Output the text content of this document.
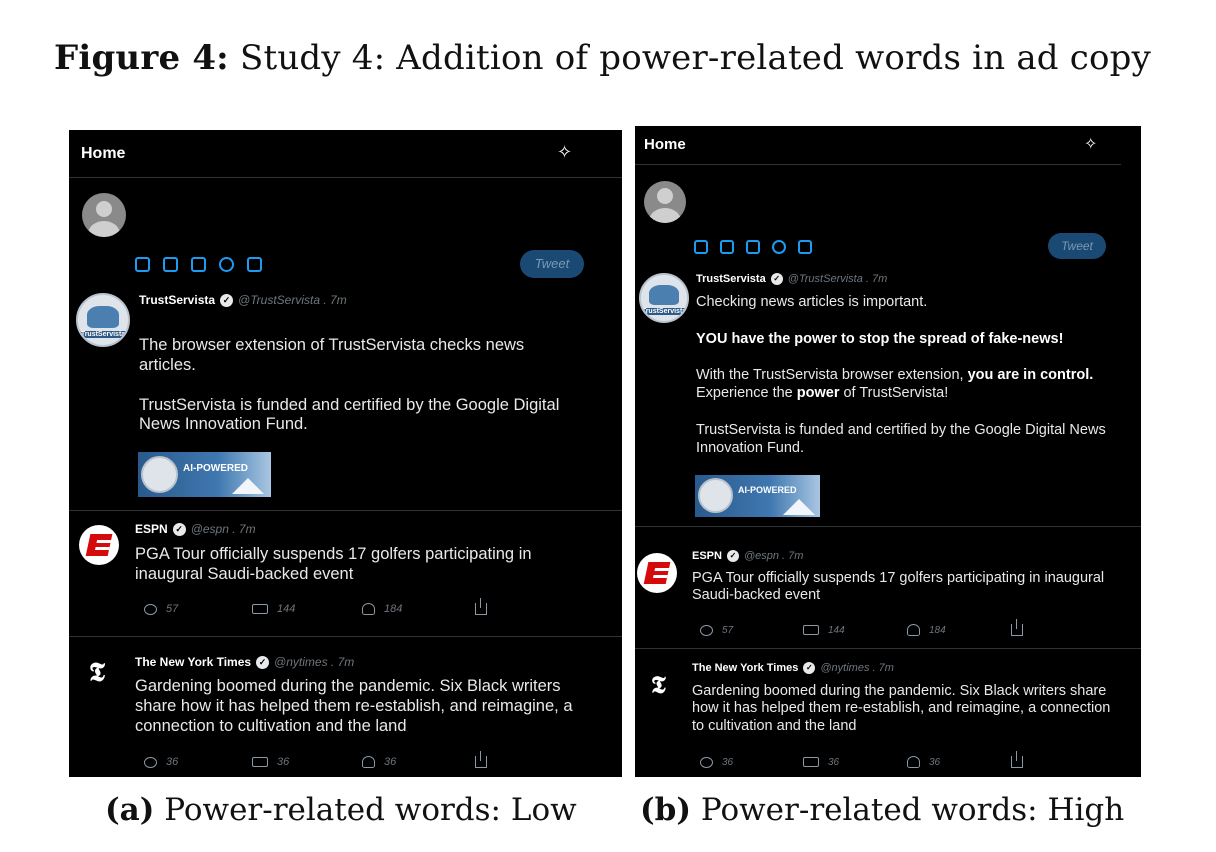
Figure 4: Study 4: Addition of power-related words in ad copy
Home	✧
Tweet
TrustServista
TrustServista ✓ @TrustServista . 7m

The browser extension of TrustServista checks news articles.

TrustServista is funded and certified by the Google Digital News Innovation Fund.

AI-POWERED
ESPN ✓ @espn . 7m
PGA Tour officially suspends 17 golfers participating in inaugural Saudi-backed event
57	144	184
𝕿	The New York Times ✓ @nytimes . 7m
Gardening boomed during the pandemic. Six Black writers share how it has helped them re-establish, and reimagine, a connection to cultivation and the land
36	36	36
Home	✧
Tweet
TrustServista
TrustServista ✓ @TrustServista . 7m

Checking news articles is important.

YOU have the power to stop the spread of fake-news!

With the TrustServista browser extension, you are in control. Experience the power of TrustServista!

TrustServista is funded and certified by the Google Digital News Innovation Fund.

AI-POWERED
ESPN ✓ @espn . 7m
PGA Tour officially suspends 17 golfers participating in inaugural Saudi-backed event
57	144	184
𝕿
The New York Times ✓ @nytimes . 7m
Gardening boomed during the pandemic. Six Black writers share how it has helped them re-establish, and reimagine, a connection to cultivation and the land
36	36	36
(a) Power-related words: Low (b) Power-related words: High
